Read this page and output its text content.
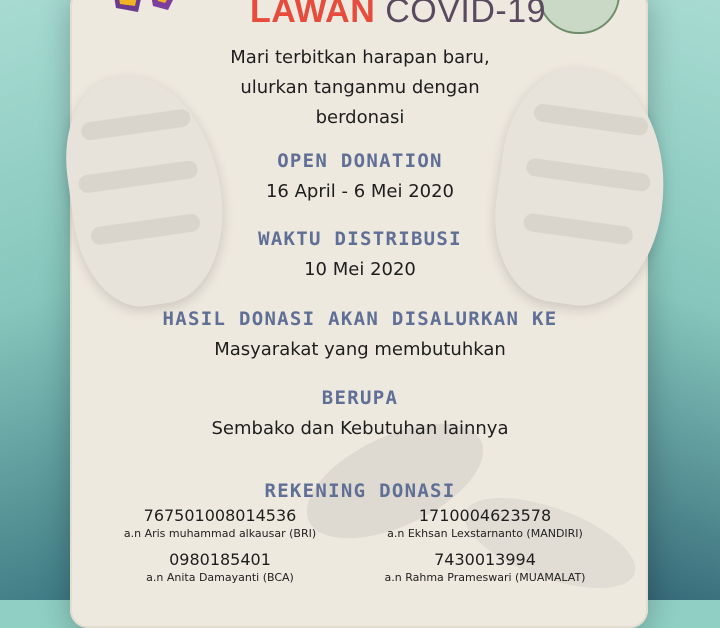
LAWAN COVID-19
Mari terbitkan harapan baru,
ulurkan tanganmu dengan
berdonasi
OPEN DONATION
16 April - 6 Mei 2020
WAKTU DISTRIBUSI
10 Mei 2020
HASIL DONASI AKAN DISALURKAN KE
Masyarakat yang membutuhkan
BERUPA
Sembako dan Kebutuhan lainnya
REKENING DONASI
767501008014536
a.n Aris muhammad alkausar (BRI)
1710004623578
a.n Ekhsan Lexstarnanto (MANDIRI)
0980185401
a.n Anita Damayanti (BCA)
7430013994
a.n Rahma Prameswari (MUAMALAT)
